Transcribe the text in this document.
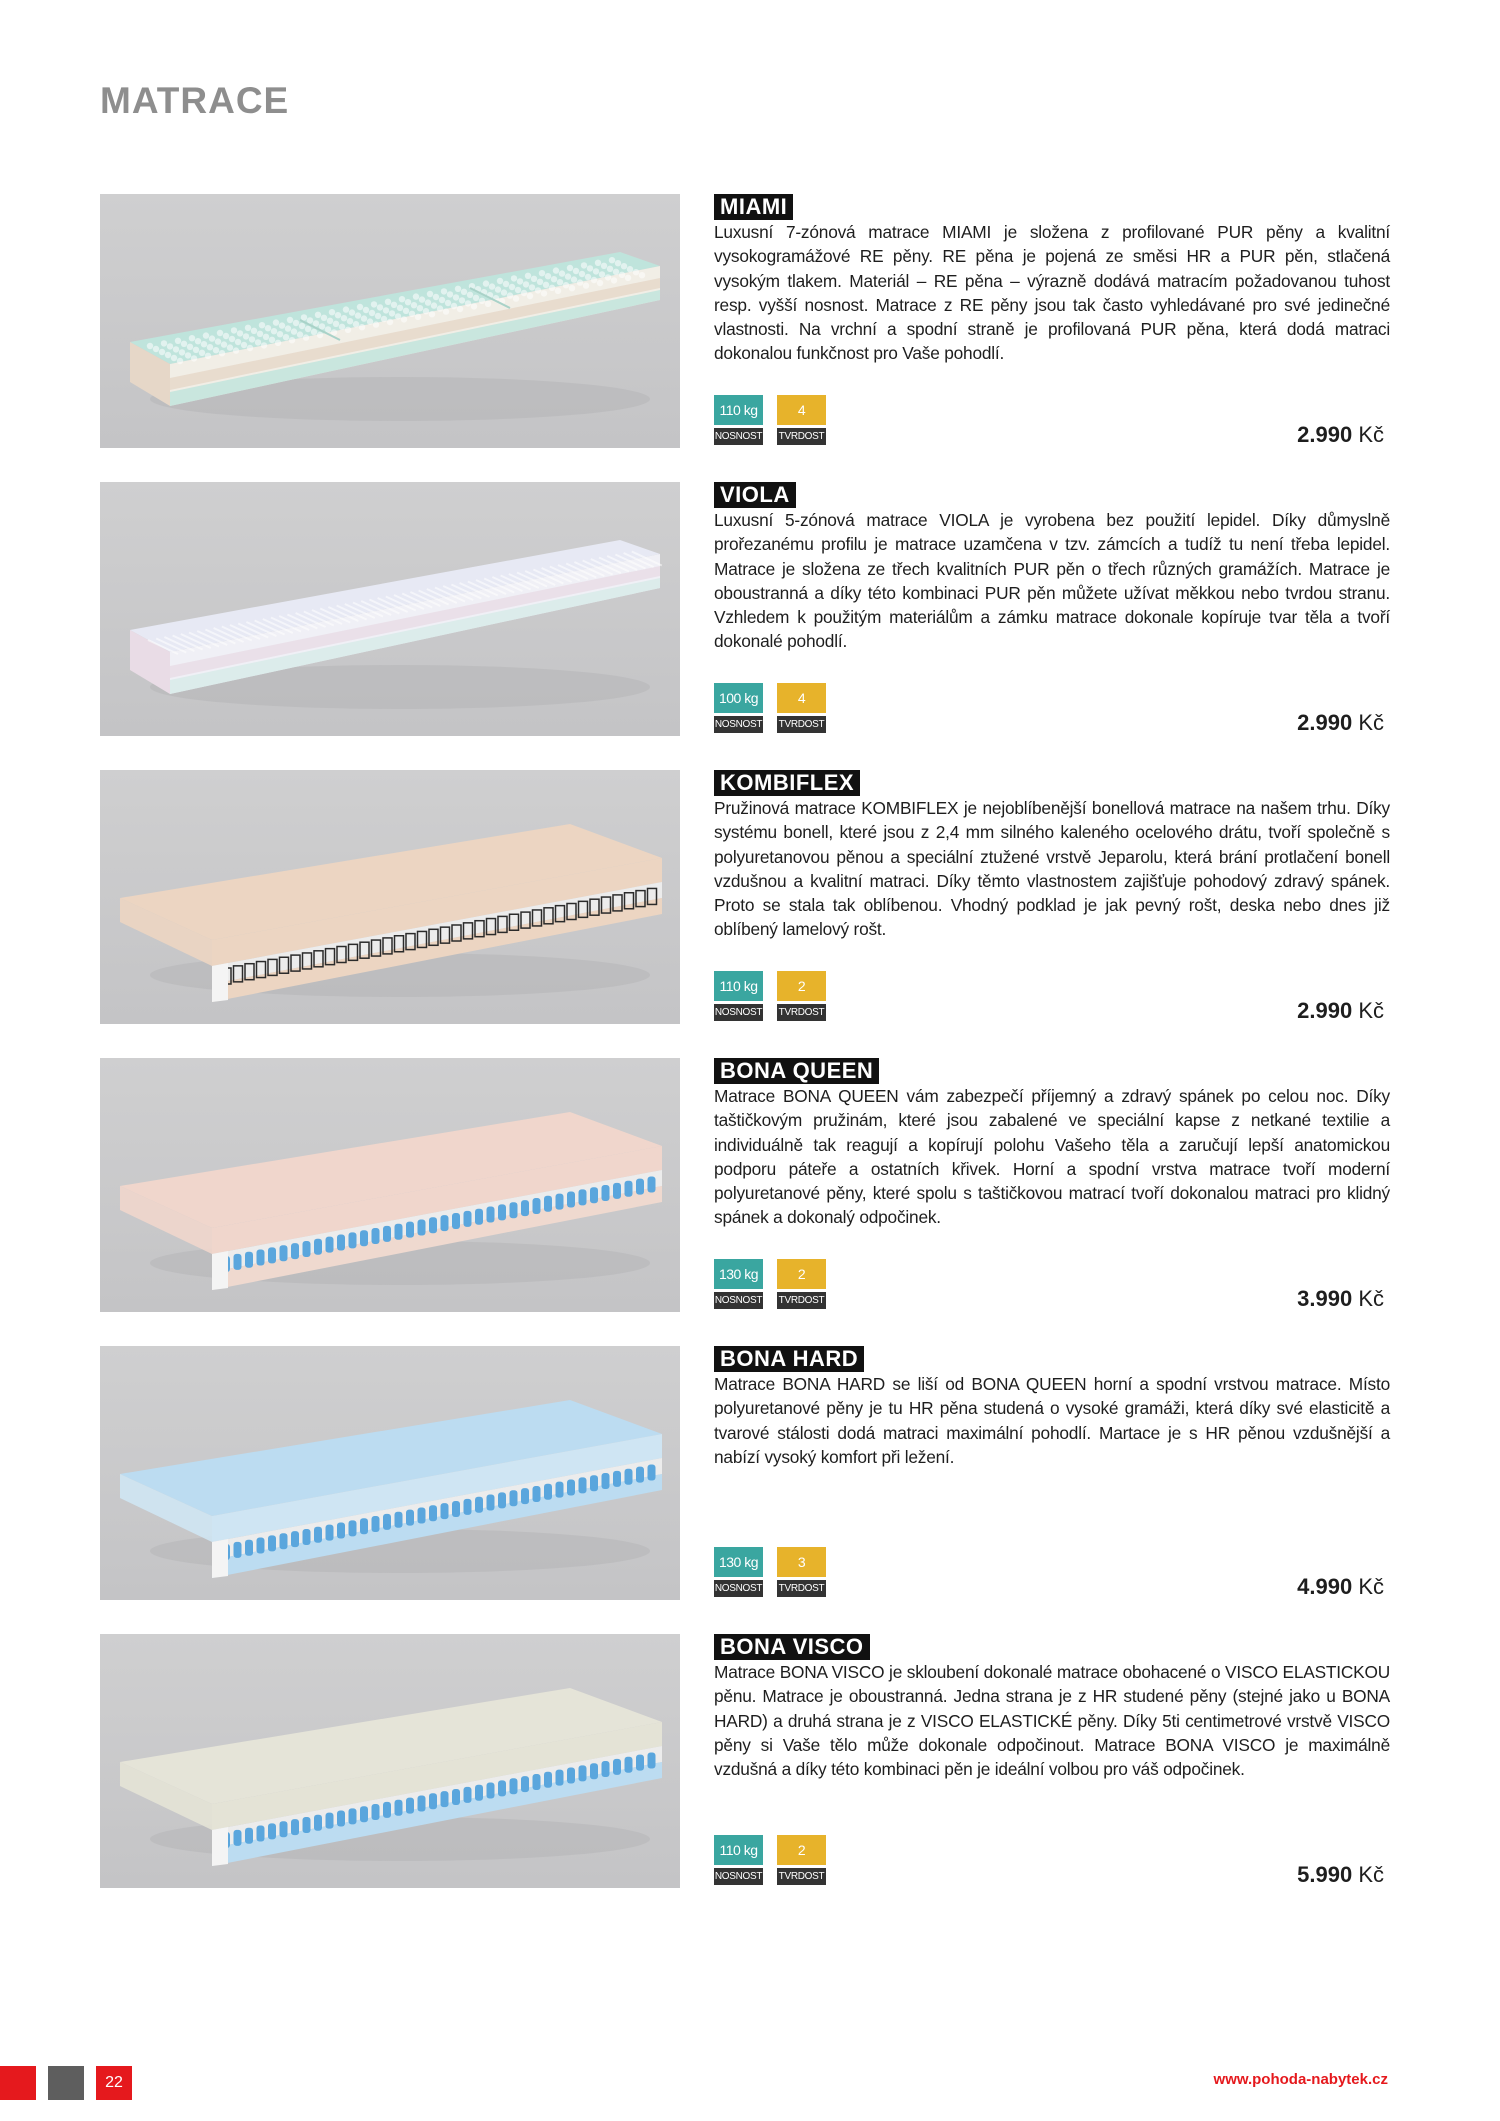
MATRACE
MIAMI

Luxusní 7-zónová matrace MIAMI je složena z profilované PUR pěny a kvalitní vysokogramážové RE pěny. RE pěna je pojená ze směsi HR a PUR pěn, stlačená vysokým tlakem. Materiál – RE pěna – výrazně dodává matracím požadovanou tuhost resp. vyšší nosnost. Matrace z RE pěny jsou tak často vyhledávané pro své jedinečné vlastnosti. Na vrchní a spodní straně je profilovaná PUR pěna, která dodá matraci dokonalou funkčnost pro Vaše pohodlí.

110 kg
NOSNOST
4
TVRDOST	2.990 Kč
VIOLA

Luxusní 5-zónová matrace VIOLA je vyrobena bez použití lepidel. Díky důmyslně prořezanému profilu je matrace uzamčena v tzv. zámcích a tudíž tu není třeba lepidel. Matrace je složena ze třech kvalitních PUR pěn o třech různých gramážích. Matrace je oboustranná a díky této kombinaci PUR pěn můžete užívat měkkou nebo tvrdou stranu. Vzhledem k použitým materiálům a zámku matrace dokonale kopíruje tvar těla a tvoří dokonalé pohodlí.

100 kg
NOSNOST
4
TVRDOST	2.990 Kč
KOMBIFLEX

Pružinová matrace KOMBIFLEX je nejoblíbenější bonellová matrace na našem trhu. Díky systému bonell, které jsou z 2,4 mm silného kaleného ocelového drátu, tvoří společně s polyuretanovou pěnou a speciální ztužené vrstvě Jeparolu, která brání protlačení bonell vzdušnou a kvalitní matraci. Díky těmto vlastnostem zajišťuje pohodový zdravý spánek. Proto se stala tak oblíbenou. Vhodný podklad je jak pevný rošt, deska nebo dnes již oblíbený lamelový rošt.

110 kg
NOSNOST
2
TVRDOST	2.990 Kč
BONA QUEEN

Matrace BONA QUEEN vám zabezpečí příjemný a zdravý spánek po celou noc. Díky taštičkovým pružinám, které jsou zabalené ve speciální kapse z netkané textilie a individuálně tak reagují a kopírují polohu Vašeho těla a zaručují lepší anatomickou podporu páteře a ostatních křivek. Horní a spodní vrstva matrace tvoří moderní polyuretanové pěny, které spolu s taštičkovou matrací tvoří dokonalou matraci pro klidný spánek a dokonalý odpočinek.

130 kg
NOSNOST
2
TVRDOST	3.990 Kč
BONA HARD

Matrace BONA HARD se liší od BONA QUEEN horní a spodní vrstvou matrace. Místo polyuretanové pěny je tu HR pěna studená o vysoké gramáži, která díky své elasticitě a tvarové stálosti dodá matraci maximální pohodlí. Martace je s HR pěnou vzdušnější a nabízí vysoký komfort při ležení.

130 kg
NOSNOST
3
TVRDOST	4.990 Kč
BONA VISCO

Matrace BONA VISCO je skloubení dokonalé matrace obohacené o VISCO ELASTICKOU pěnu. Matrace je oboustranná. Jedna strana je z HR studené pěny (stejné jako u BONA HARD) a druhá strana je z VISCO ELASTICKÉ pěny. Díky 5ti centimetrové vrstvě VISCO pěny si Vaše tělo může dokonale odpočinout. Matrace BONA VISCO je maximálně vzdušná a díky této kombinaci pěn je ideální volbou pro váš odpočinek.

110 kg
NOSNOST
2
TVRDOST	5.990 Kč
22	www.pohoda-nabytek.cz
